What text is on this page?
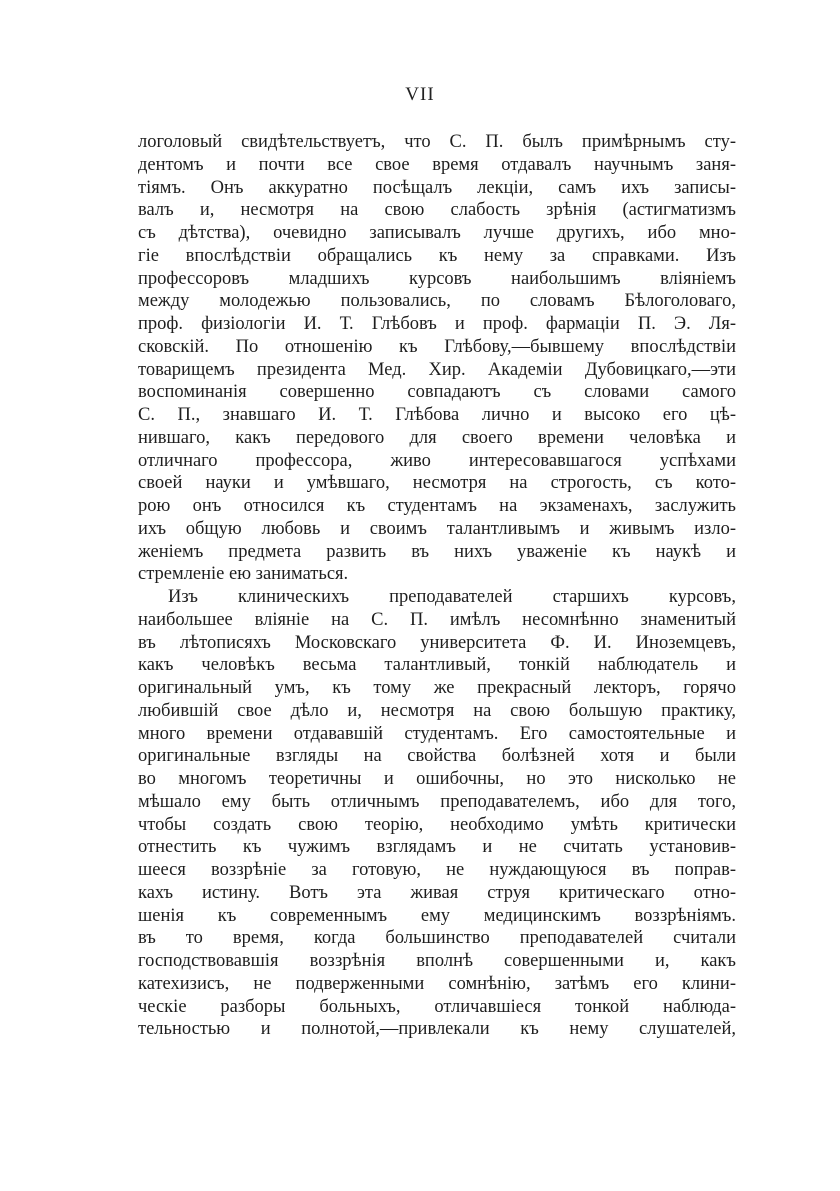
VII
логоловый свидѣтельствуетъ, что С. П. былъ примѣрнымъ сту-
дентомъ и почти все свое время отдавалъ научнымъ заня-
тіямъ. Онъ аккуратно посѣщалъ лекціи, самъ ихъ записы-
валъ и, несмотря на свою слабость зрѣнія (астигматизмъ
съ дѣтства), очевидно записывалъ лучше другихъ, ибо мно-
гіе впослѣдствіи обращались къ нему за справками. Изъ
профессоровъ младшихъ курсовъ наибольшимъ вліяніемъ
между молодежью пользовались, по словамъ Бѣлоголоваго,
проф. физіологіи И. Т. Глѣбовъ и проф. фармаціи П. Э. Ля-
сковскій. По отношенію къ Глѣбову,—бывшему впослѣдствіи
товарищемъ президента Мед. Хир. Академіи Дубовицкаго,—эти
воспоминанія совершенно совпадаютъ съ словами самого
С. П., знавшаго И. Т. Глѣбова лично и высоко его цѣ-
нившаго, какъ передового для своего времени человѣка и
отличнаго профессора, живо интересовавшагося успѣхами
своей науки и умѣвшаго, несмотря на строгость, съ кото-
рою онъ относился къ студентамъ на экзаменахъ, заслужить
ихъ общую любовь и своимъ талантливымъ и живымъ изло-
женіемъ предмета развить въ нихъ уваженіе къ наукѣ и
стремленіе ею заниматься.
Изъ клиническихъ преподавателей старшихъ курсовъ,
наибольшее вліяніе на С. П. имѣлъ несомнѣнно знаменитый
въ лѣтописяхъ Московскаго университета Ф. И. Иноземцевъ,
какъ человѣкъ весьма талантливый, тонкій наблюдатель и
оригинальный умъ, къ тому же прекрасный лекторъ, горячо
любившій свое дѣло и, несмотря на свою большую практику,
много времени отдававшій студентамъ. Его самостоятельные и
оригинальные взгляды на свойства болѣзней хотя и были
во многомъ теоретичны и ошибочны, но это нисколько не
мѣшало ему быть отличнымъ преподавателемъ, ибо для того,
чтобы создать свою теорію, необходимо умѣть критически
отнестить къ чужимъ взглядамъ и не считать установив-
шееся воззрѣніе за готовую, не нуждающуюся въ поправ-
кахъ истину. Вотъ эта живая струя критическаго отно-
шенія къ современнымъ ему медицинскимъ воззрѣніямъ.
въ то время, когда большинство преподавателей считали
господствовавшія воззрѣнія вполнѣ совершенными и, какъ
катехизисъ, не подверженными сомнѣнію, затѣмъ его клини-
ческіе разборы больныхъ, отличавшіеся тонкой наблюда-
тельностью и полнотой,—привлекали къ нему слушателей,
